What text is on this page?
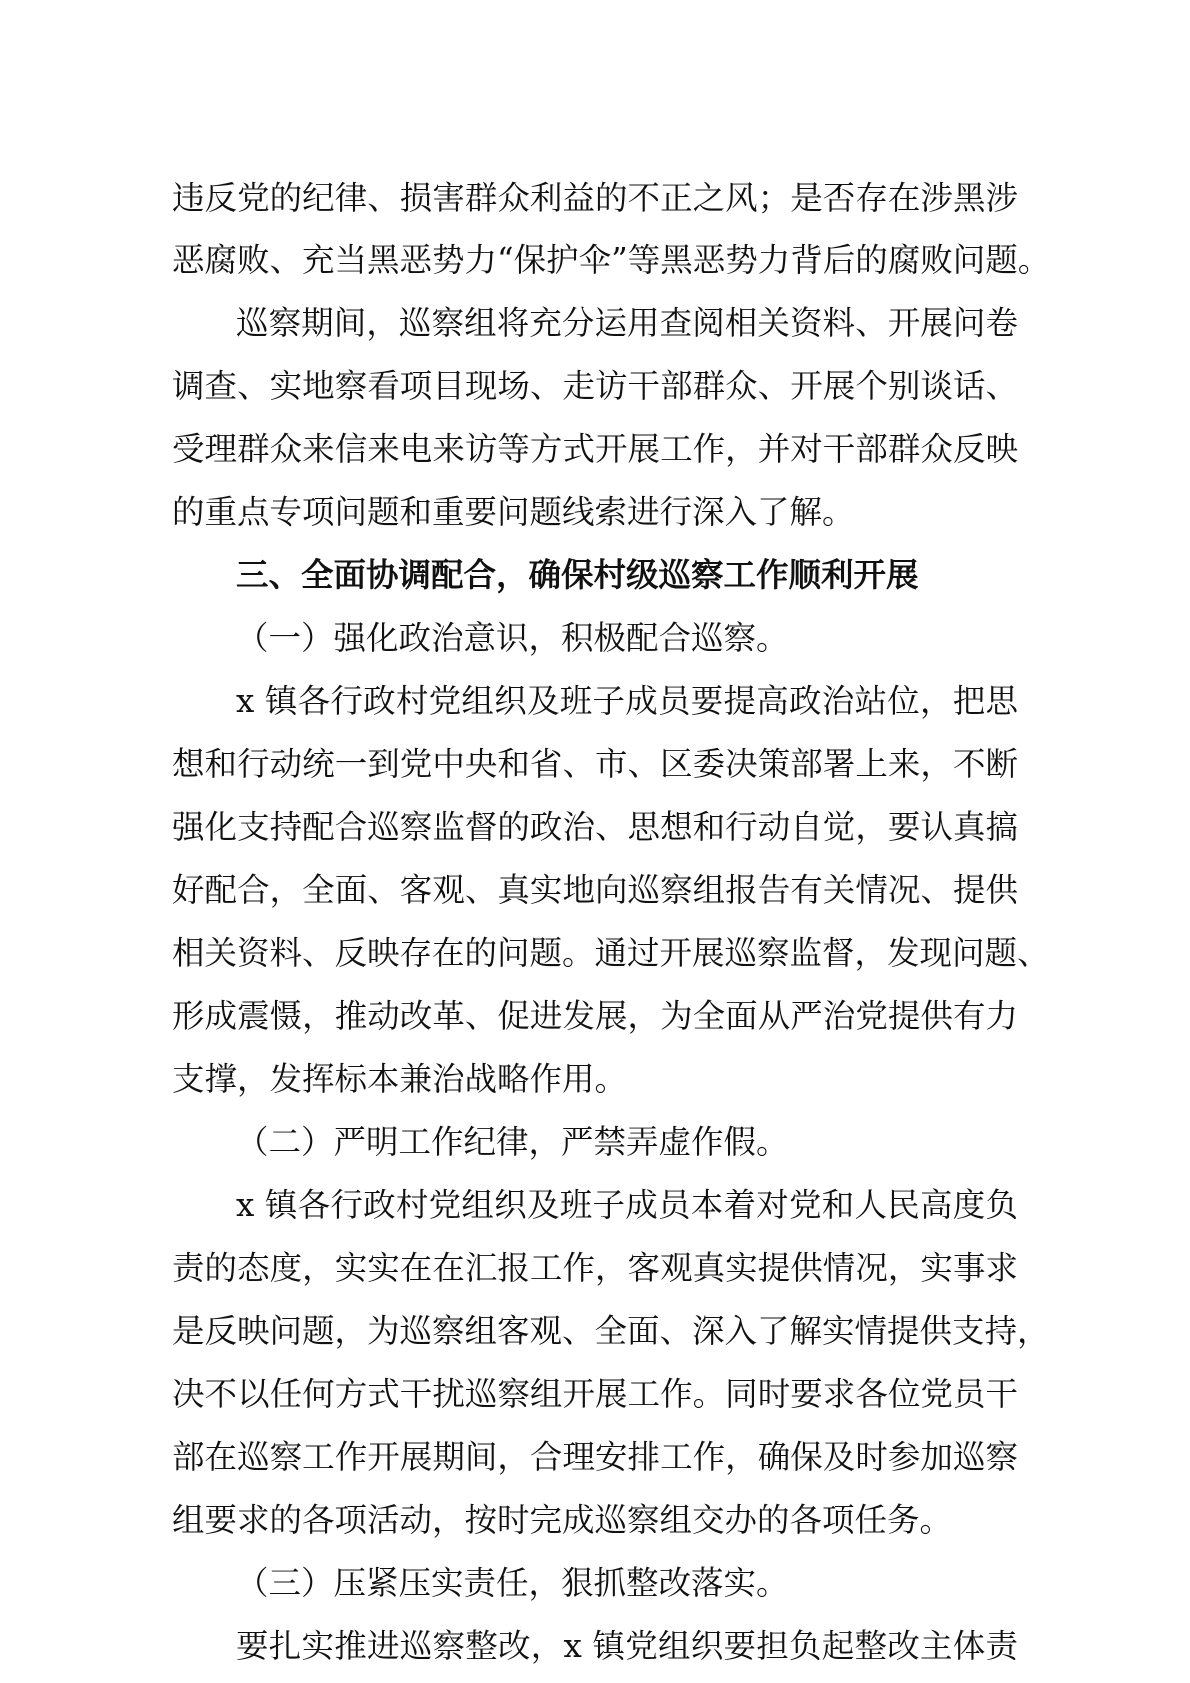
违反党的纪律、损害群众利益的不正之风；是否存在涉黑涉
恶腐败、充当黑恶势力“保护伞”等黑恶势力背后的腐败问题。
巡察期间，巡察组将充分运用查阅相关资料、开展问卷
调查、实地察看项目现场、走访干部群众、开展个别谈话、
受理群众来信来电来访等方式开展工作，并对干部群众反映
的重点专项问题和重要问题线索进行深入了解。
三、全面协调配合，确保村级巡察工作顺利开展
（一）强化政治意识，积极配合巡察。
x 镇各行政村党组织及班子成员要提高政治站位，把思
想和行动统一到党中央和省、市、区委决策部署上来，不断
强化支持配合巡察监督的政治、思想和行动自觉，要认真搞
好配合，全面、客观、真实地向巡察组报告有关情况、提供
相关资料、反映存在的问题。通过开展巡察监督，发现问题、
形成震慑，推动改革、促进发展，为全面从严治党提供有力
支撑，发挥标本兼治战略作用。
（二）严明工作纪律，严禁弄虚作假。
x 镇各行政村党组织及班子成员本着对党和人民高度负
责的态度，实实在在汇报工作，客观真实提供情况，实事求
是反映问题，为巡察组客观、全面、深入了解实情提供支持，
决不以任何方式干扰巡察组开展工作。同时要求各位党员干
部在巡察工作开展期间，合理安排工作，确保及时参加巡察
组要求的各项活动，按时完成巡察组交办的各项任务。
（三）压紧压实责任，狠抓整改落实。
要扎实推进巡察整改，x 镇党组织要担负起整改主体责
